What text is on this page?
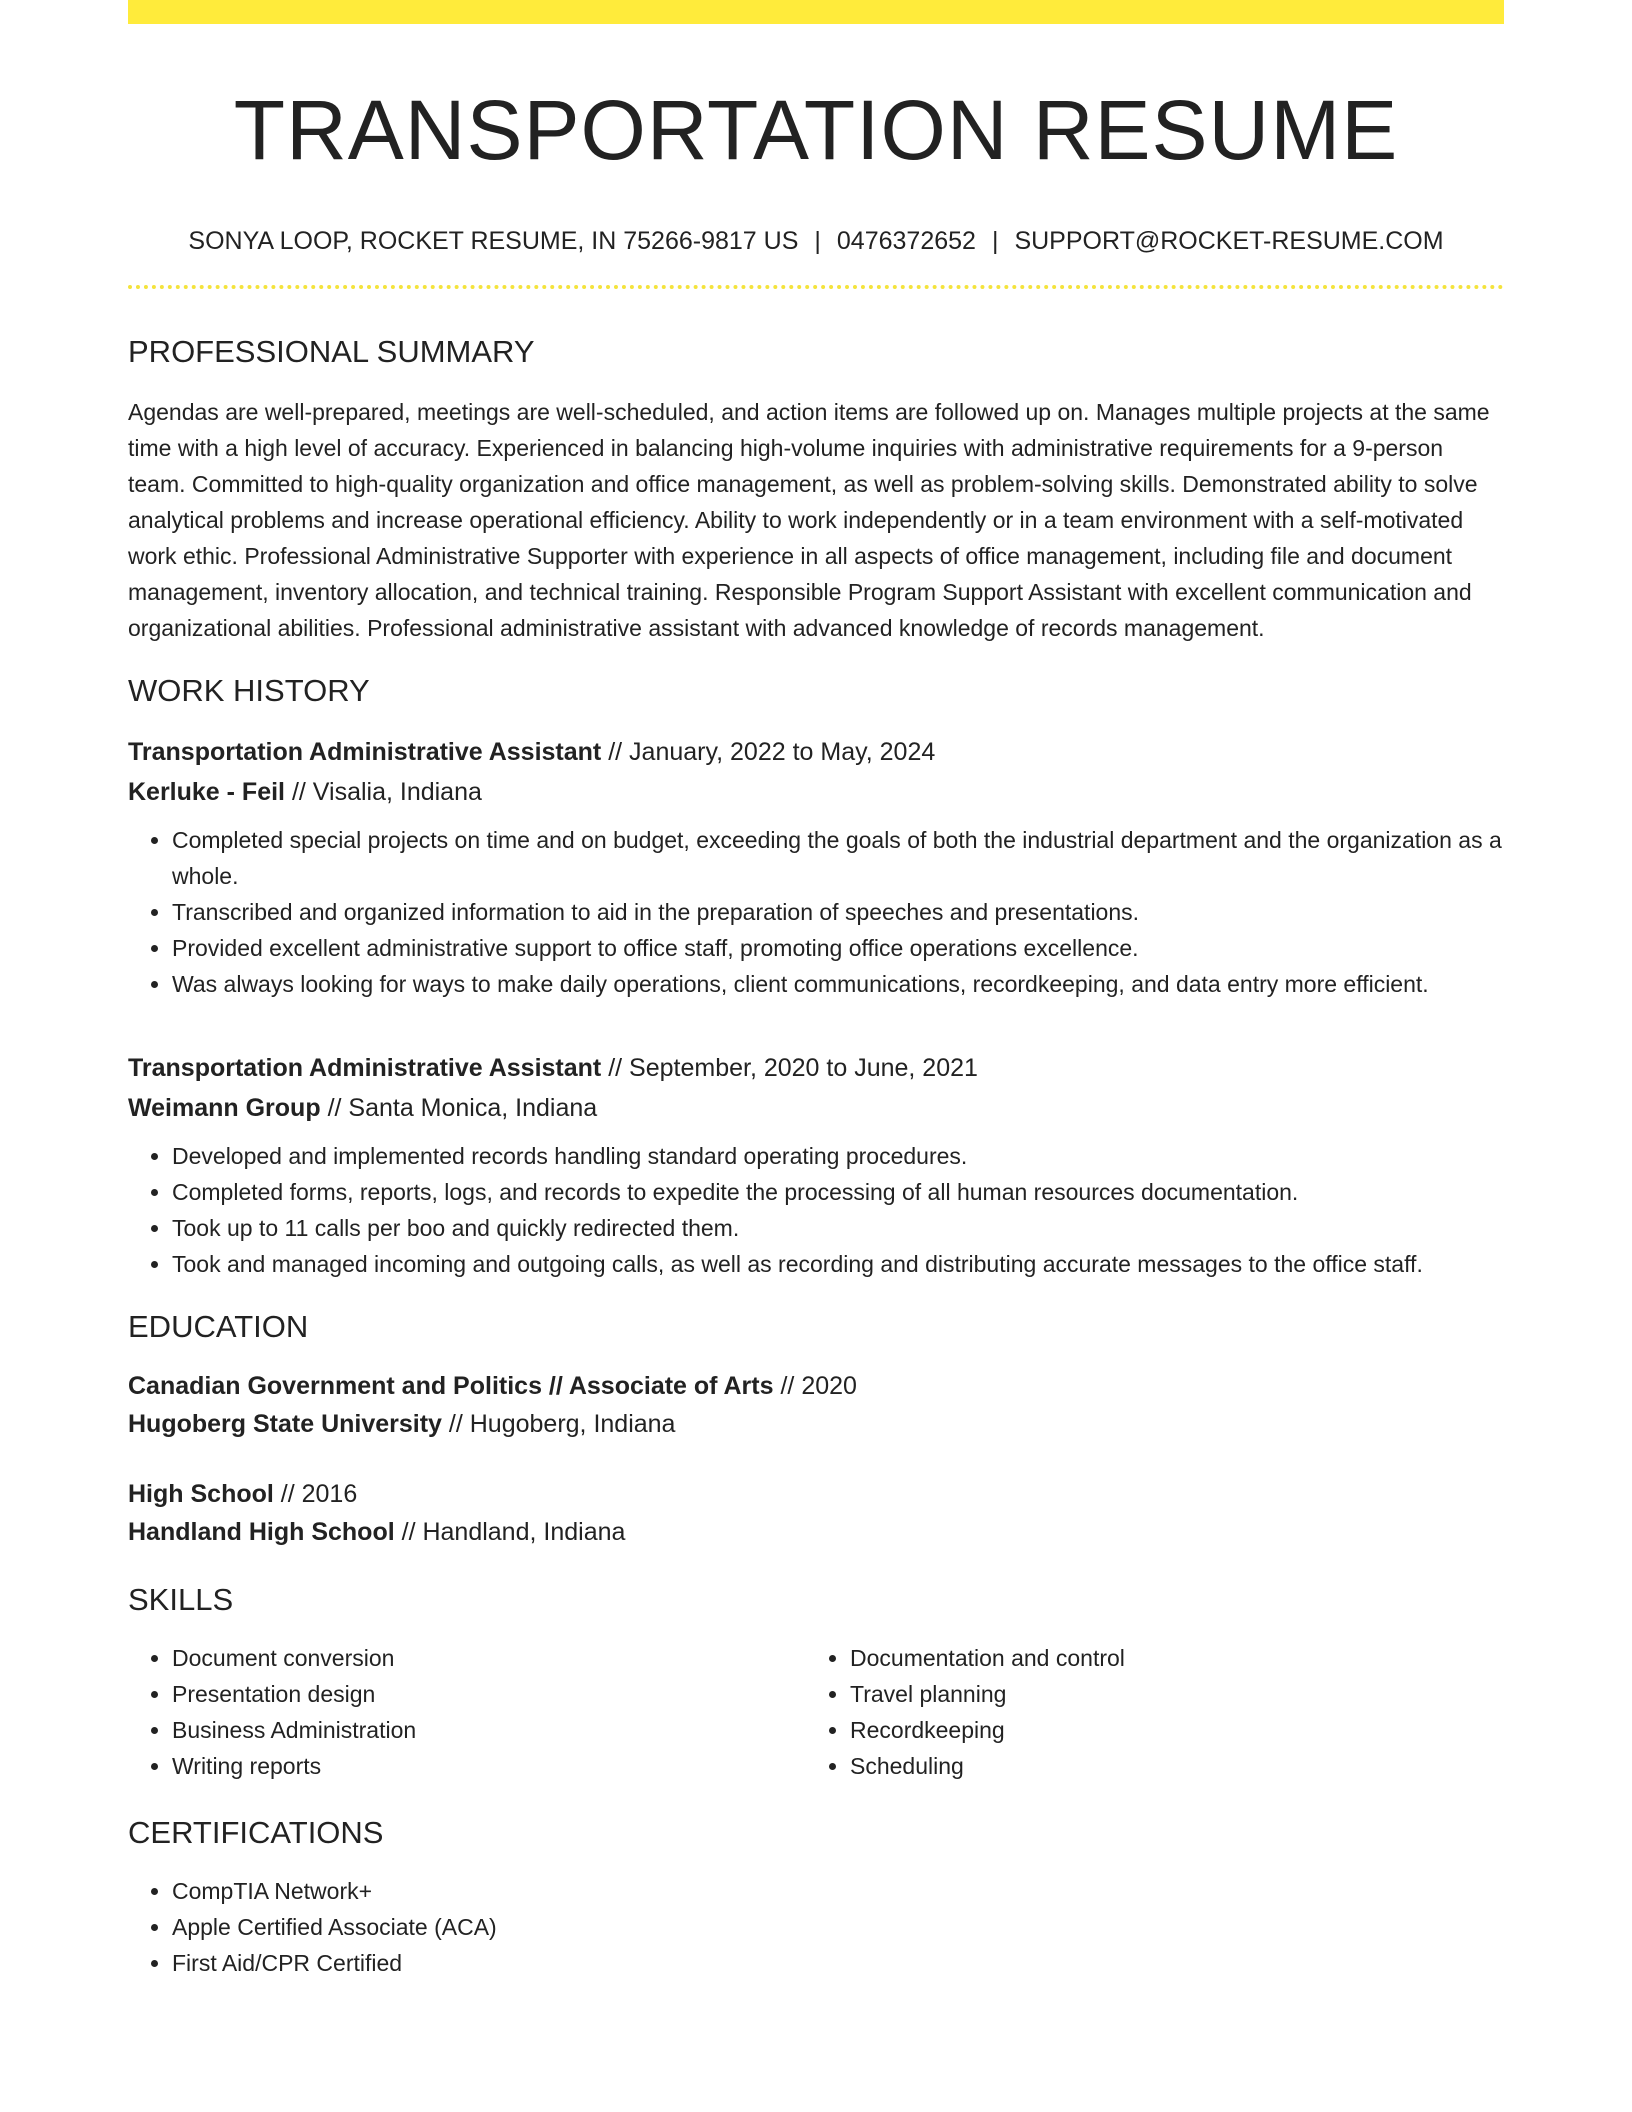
TRANSPORTATION RESUME
SONYA LOOP, ROCKET RESUME, IN 75266-9817 US | 0476372652 | SUPPORT@ROCKET-RESUME.COM
PROFESSIONAL SUMMARY
Agendas are well-prepared, meetings are well-scheduled, and action items are followed up on. Manages multiple projects at the same time with a high level of accuracy. Experienced in balancing high-volume inquiries with administrative requirements for a 9-person team. Committed to high-quality organization and office management, as well as problem-solving skills. Demonstrated ability to solve analytical problems and increase operational efficiency. Ability to work independently or in a team environment with a self-motivated work ethic. Professional Administrative Supporter with experience in all aspects of office management, including file and document management, inventory allocation, and technical training. Responsible Program Support Assistant with excellent communication and organizational abilities. Professional administrative assistant with advanced knowledge of records management.
WORK HISTORY
Transportation Administrative Assistant // January, 2022 to May, 2024
Kerluke - Feil // Visalia, Indiana
• Completed special projects on time and on budget, exceeding the goals of both the industrial department and the organization as a whole.
• Transcribed and organized information to aid in the preparation of speeches and presentations.
• Provided excellent administrative support to office staff, promoting office operations excellence.
• Was always looking for ways to make daily operations, client communications, recordkeeping, and data entry more efficient.
Transportation Administrative Assistant // September, 2020 to June, 2021
Weimann Group // Santa Monica, Indiana
• Developed and implemented records handling standard operating procedures.
• Completed forms, reports, logs, and records to expedite the processing of all human resources documentation.
• Took up to 11 calls per boo and quickly redirected them.
• Took and managed incoming and outgoing calls, as well as recording and distributing accurate messages to the office staff.
EDUCATION
Canadian Government and Politics // Associate of Arts // 2020
Hugoberg State University // Hugoberg, Indiana
High School // 2016
Handland High School // Handland, Indiana
SKILLS
• Document conversion
• Presentation design
• Business Administration
• Writing reports
• Documentation and control
• Travel planning
• Recordkeeping
• Scheduling
CERTIFICATIONS
• CompTIA Network+
• Apple Certified Associate (ACA)
• First Aid/CPR Certified
